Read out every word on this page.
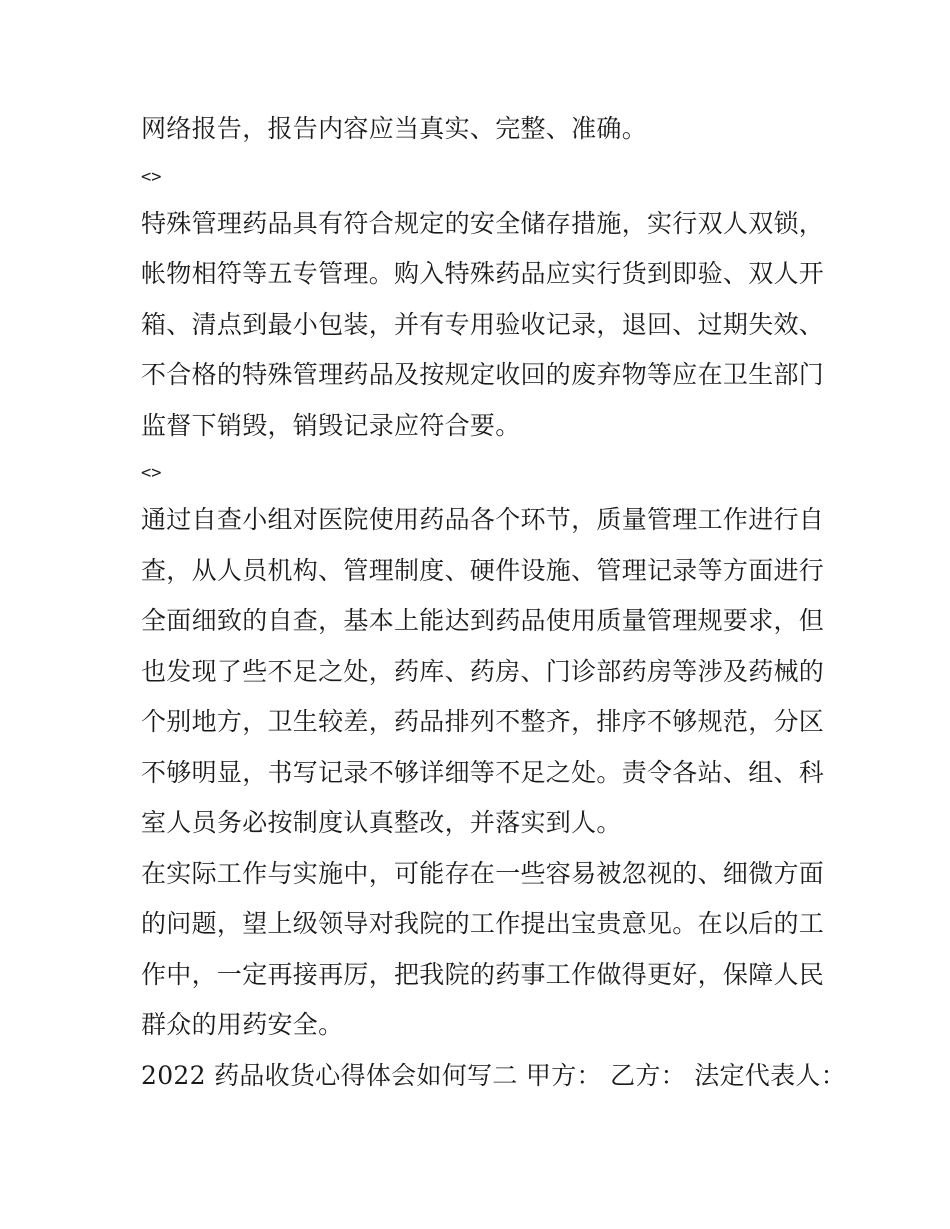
网络报告，报告内容应当真实、完整、准确。
<>
特殊管理药品具有符合规定的安全储存措施，实行双人双锁，
帐物相符等五专管理。购入特殊药品应实行货到即验、双人开
箱、清点到最小包装，并有专用验收记录，退回、过期失效、
不合格的特殊管理药品及按规定收回的废弃物等应在卫生部门
监督下销毁，销毁记录应符合要。
<>
通过自查小组对医院使用药品各个环节，质量管理工作进行自
查，从人员机构、管理制度、硬件设施、管理记录等方面进行
全面细致的自查，基本上能达到药品使用质量管理规要求，但
也发现了些不足之处，药库、药房、门诊部药房等涉及药械的
个别地方，卫生较差，药品排列不整齐，排序不够规范，分区
不够明显，书写记录不够详细等不足之处。责令各站、组、科
室人员务必按制度认真整改，并落实到人。
在实际工作与实施中，可能存在一些容易被忽视的、细微方面
的问题，望上级领导对我院的工作提出宝贵意见。在以后的工
作中，一定再接再厉，把我院的药事工作做得更好，保障人民
群众的用药安全。
2022 药品收货心得体会如何写二 甲方： 乙方： 法定代表人：
